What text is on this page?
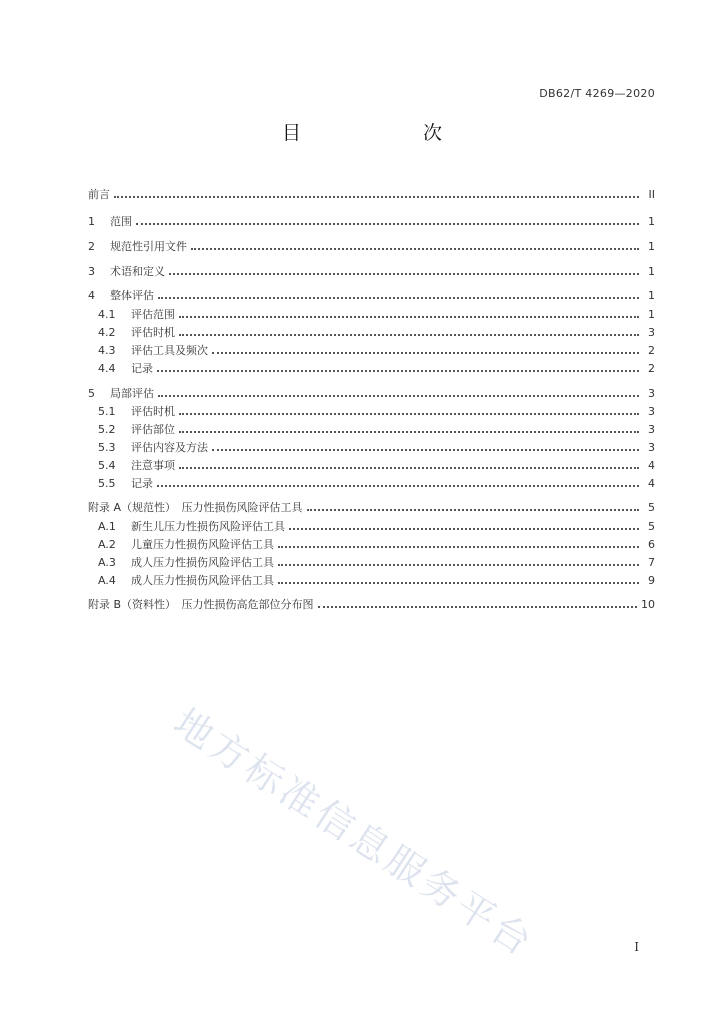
DB62/T 4269—2020
目　　次
前言	II
1	范围	1
2	规范性引用文件	1
3	术语和定义	1
4	整体评估	1
4.1	评估范围	1
4.2	评估时机	3
4.3	评估工具及频次	2
4.4	记录	2
5	局部评估	3
5.1	评估时机	3
5.2	评估部位	3
5.3	评估内容及方法	3
5.4	注意事项	4
5.5	记录	4
附录 A（规范性）　压力性损伤风险评估工具	5
A.1	新生儿压力性损伤风险评估工具	5
A.2	儿童压力性损伤风险评估工具	6
A.3	成人压力性损伤风险评估工具	7
A.4	成人压力性损伤风险评估工具	9
附录 B（资料性）　压力性损伤高危部位分布图	10
地方标准信息服务平台	I
